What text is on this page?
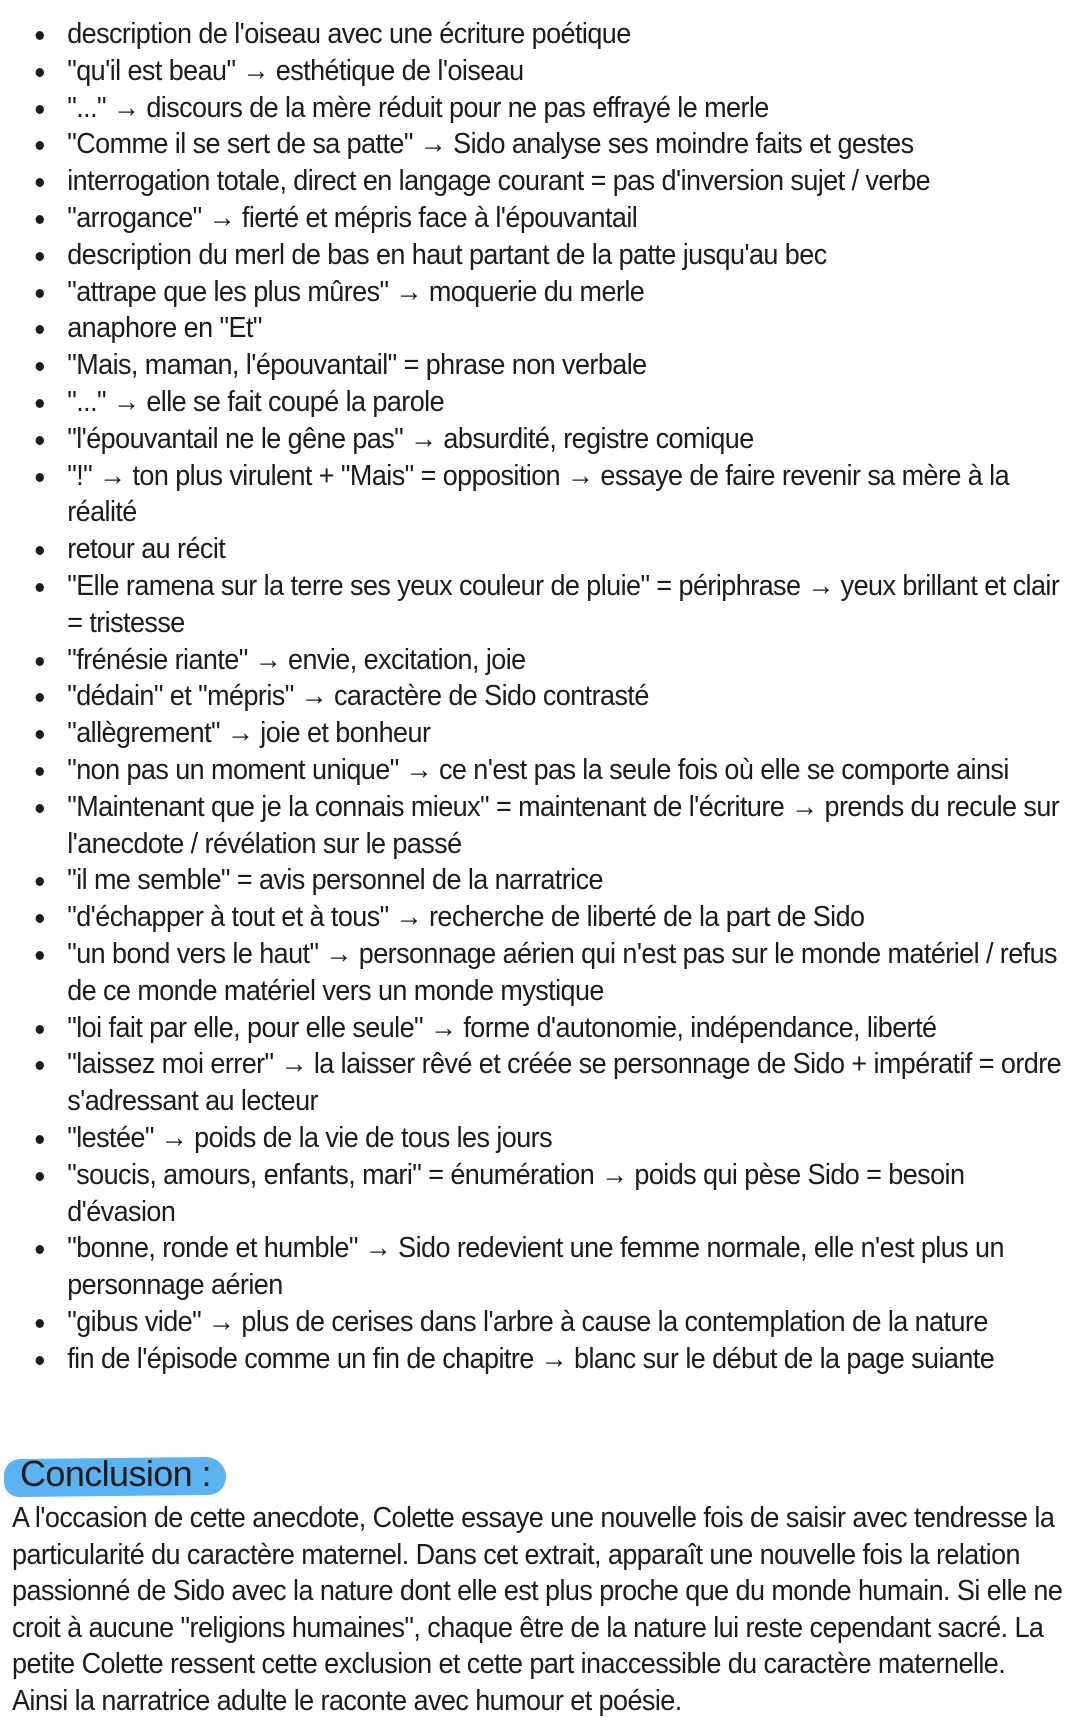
description de l'oiseau avec une écriture poétique
"qu'il est beau" → esthétique de l'oiseau
"..." → discours de la mère réduit pour ne pas effrayé le merle
"Comme il se sert de sa patte" → Sido analyse ses moindre faits et gestes
interrogation totale, direct en langage courant = pas d'inversion sujet / verbe
"arrogance" → fierté et mépris face à l'épouvantail
description du merl de bas en haut partant de la patte jusqu'au bec
"attrape que les plus mûres" → moquerie du merle
anaphore en "Et"
"Mais, maman, l'épouvantail" = phrase non verbale
"..." → elle se fait coupé la parole
"l'épouvantail ne le gêne pas" → absurdité, registre comique
"!" → ton plus virulent + "Mais" = opposition → essaye de faire revenir sa mère à la réalité
retour au récit
"Elle ramena sur la terre ses yeux couleur de pluie" = périphrase → yeux brillant et clair = tristesse
"frénésie riante" → envie, excitation, joie
"dédain" et "mépris" → caractère de Sido contrasté
"allègrement" → joie et bonheur
"non pas un moment unique" → ce n'est pas la seule fois où elle se comporte ainsi
"Maintenant que je la connais mieux" = maintenant de l'écriture → prends du recule sur l'anecdote / révélation sur le passé
"il me semble" = avis personnel de la narratrice
"d'échapper à tout et à tous" → recherche de liberté de la part de Sido
"un bond vers le haut" → personnage aérien qui n'est pas sur le monde matériel / refus de ce monde matériel vers un monde mystique
"loi fait par elle, pour elle seule" → forme d'autonomie, indépendance, liberté
"laissez moi errer" → la laisser rêvé et créée se personnage de Sido + impératif = ordre s'adressant au lecteur
"lestée" → poids de la vie de tous les jours
"soucis, amours, enfants, mari" = énumération → poids qui pèse Sido = besoin d'évasion
"bonne, ronde et humble" → Sido redevient une femme normale, elle n'est plus un personnage aérien
"gibus vide" → plus de cerises dans l'arbre à cause la contemplation de la nature
fin de l'épisode comme un fin de chapitre → blanc sur le début de la page suiante
Conclusion :
A l'occasion de cette anecdote, Colette essaye une nouvelle fois de saisir avec tendresse la particularité du caractère maternel. Dans cet extrait, apparaît une nouvelle fois la relation passionné de Sido avec la nature dont elle est plus proche que du monde humain. Si elle ne croit à aucune "religions humaines", chaque être de la nature lui reste cependant sacré. La petite Colette ressent cette exclusion et cette part inaccessible du caractère maternelle. Ainsi la narratrice adulte le raconte avec humour et poésie.
